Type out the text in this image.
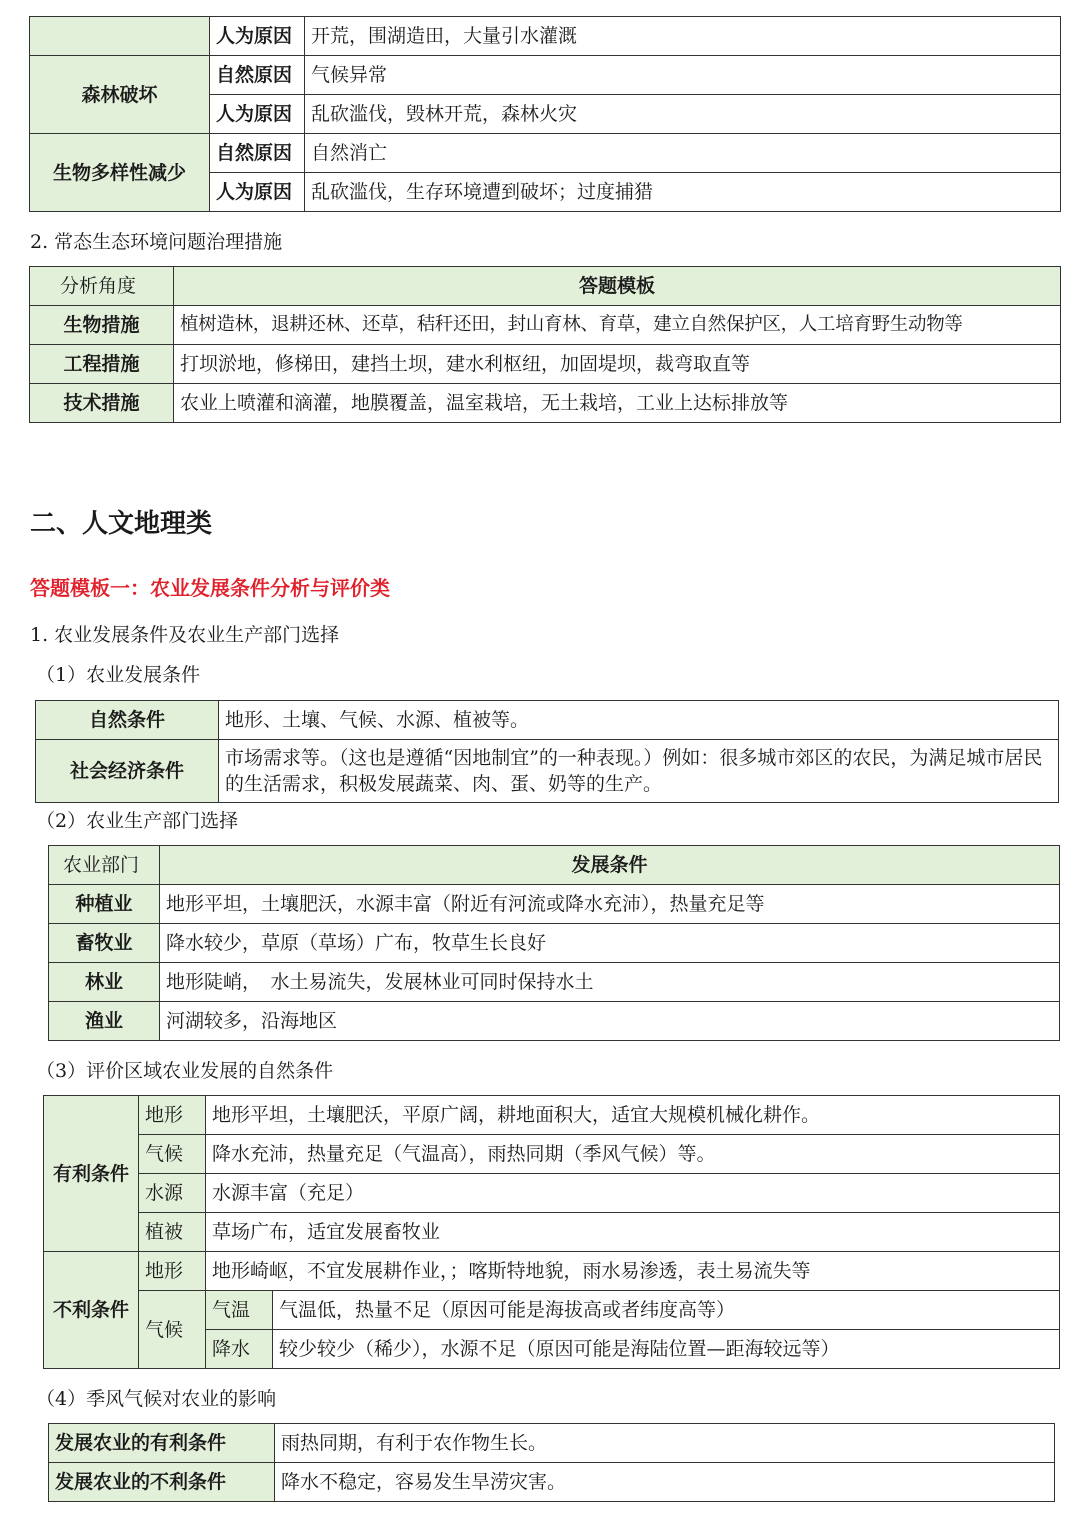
	人为原因	开荒，围湖造田，大量引水灌溉
森林破坏	自然原因	气候异常
	人为原因	乱砍滥伐，毁林开荒，森林火灾
生物多样性减少	自然原因	自然消亡
	人为原因	乱砍滥伐，生存环境遭到破坏；过度捕猎
2. 常态生态环境问题治理措施
分析角度	答题模板
生物措施	植树造林，退耕还林、还草，秸秆还田，封山育林、育草，建立自然保护区，人工培育野生动物等
工程措施	打坝淤地，修梯田，建挡土坝，建水利枢纽，加固堤坝，裁弯取直等
技术措施	农业上喷灌和滴灌，地膜覆盖，温室栽培，无土栽培，工业上达标排放等
二、人文地理类
答题模板一：农业发展条件分析与评价类
1. 农业发展条件及农业生产部门选择
（1）农业发展条件
自然条件	地形、土壤、气候、水源、植被等。
社会经济条件	市场需求等。（这也是遵循“因地制宜”的一种表现。）例如：很多城市郊区的农民，为满足城市居民的生活需求，积极发展蔬菜、肉、蛋、奶等的生产。
（2）农业生产部门选择
农业部门	发展条件
种植业	地形平坦，土壤肥沃，水源丰富（附近有河流或降水充沛），热量充足等
畜牧业	降水较少，草原（草场）广布，牧草生长良好
林业	地形陡峭，　水土易流失，发展林业可同时保持水土
渔业	河湖较多，沿海地区
（3）评价区域农业发展的自然条件
有利条件	地形	地形平坦，土壤肥沃，平原广阔，耕地面积大，适宜大规模机械化耕作。	
	气候	降水充沛，热量充足（气温高），雨热同期（季风气候）等。	
	水源	水源丰富（充足）	
	植被	草场广布，适宜发展畜牧业	
不利条件	地形	地形崎岖，不宜发展耕作业，；喀斯特地貌，雨水易渗透，表土易流失等	
	气候	气温	气温低，热量不足（原因可能是海拔高或者纬度高等）
		降水	较少较少（稀少），水源不足（原因可能是海陆位置—距海较远等）
（4）季风气候对农业的影响
发展农业的有利条件	雨热同期，有利于农作物生长。
发展农业的不利条件	降水不稳定，容易发生旱涝灾害。
